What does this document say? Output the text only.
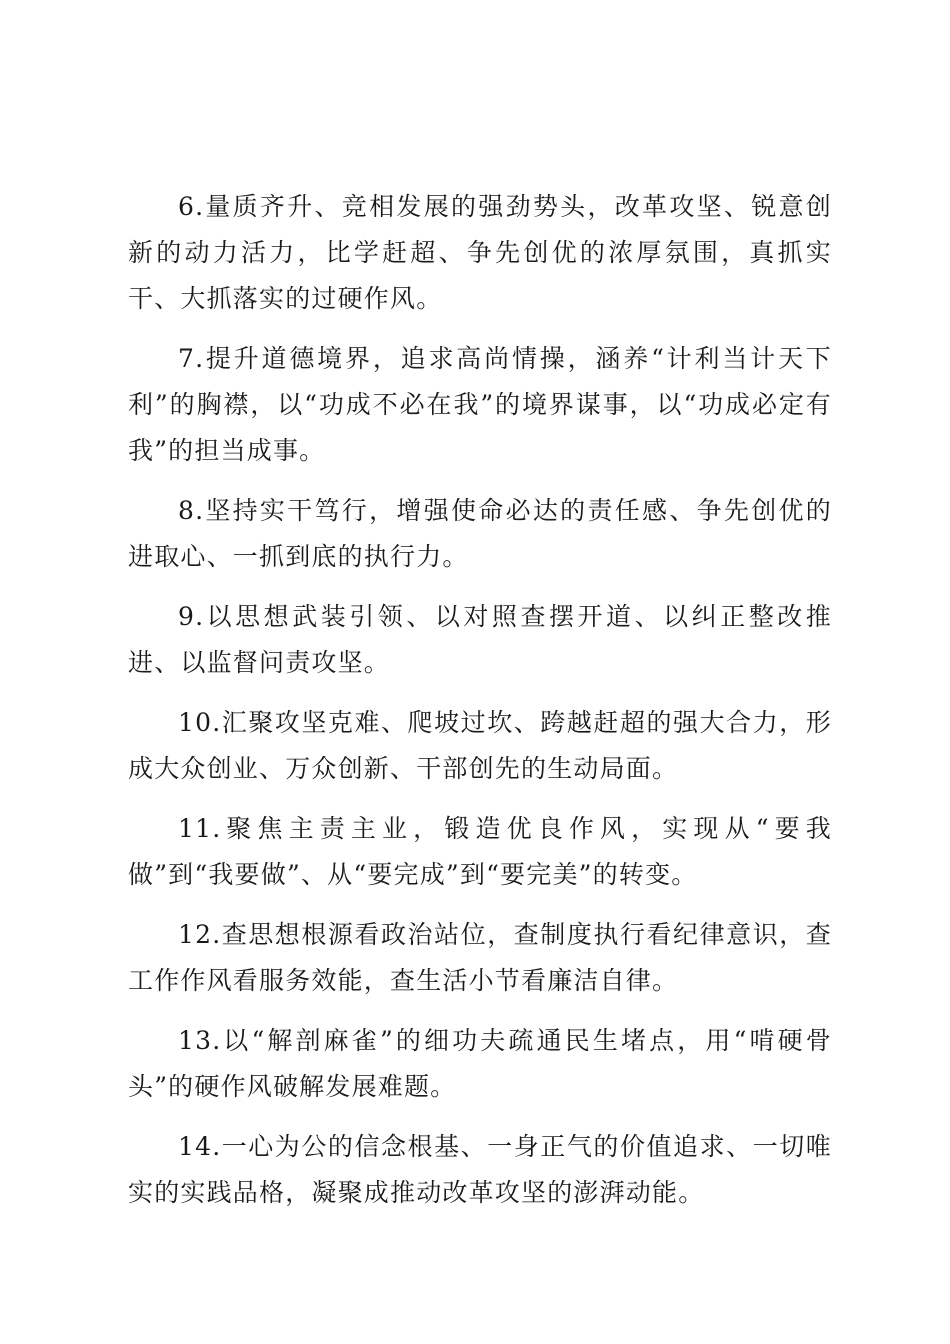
6.量质齐升、竞相发展的强劲势头，改革攻坚、锐意创新的动力活力，比学赶超、争先创优的浓厚氛围，真抓实干、大抓落实的过硬作风。

7.提升道德境界，追求高尚情操，涵养“计利当计天下利”的胸襟，以“功成不必在我”的境界谋事，以“功成必定有我”的担当成事。

8.坚持实干笃行，增强使命必达的责任感、争先创优的进取心、一抓到底的执行力。

9.以思想武装引领、以对照查摆开道、以纠正整改推进、以监督问责攻坚。

10.汇聚攻坚克难、爬坡过坎、跨越赶超的强大合力，形成大众创业、万众创新、干部创先的生动局面。

11.聚焦主责主业，锻造优良作风，实现从“要我做”到“我要做”、从“要完成”到“要完美”的转变。

12.查思想根源看政治站位，查制度执行看纪律意识，查工作作风看服务效能，查生活小节看廉洁自律。

13.以“解剖麻雀”的细功夫疏通民生堵点，用“啃硬骨头”的硬作风破解发展难题。

14.一心为公的信念根基、一身正气的价值追求、一切唯实的实践品格，凝聚成推动改革攻坚的澎湃动能。
